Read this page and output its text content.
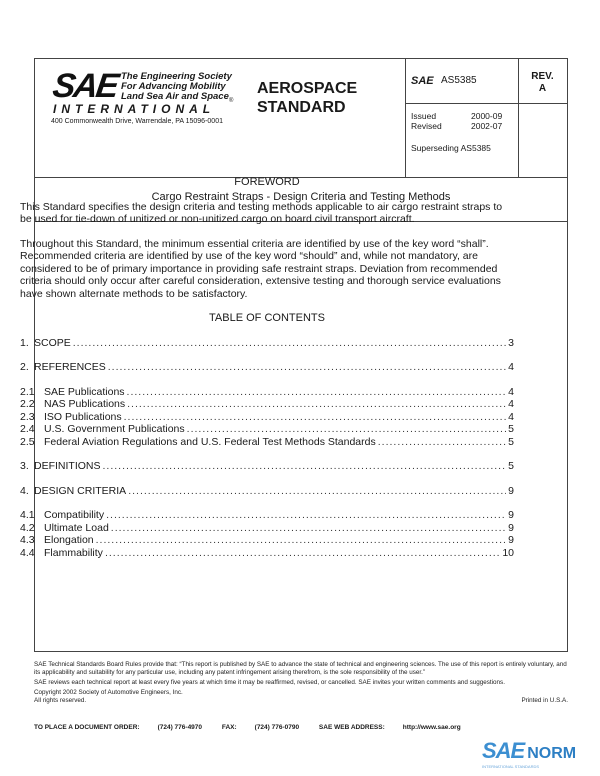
SAE The Engineering Society
For Advancing Mobility
Land Sea Air and Space$_®$
INTERNATIONAL
400 Commonwealth Drive, Warrendale, PA 15096-0001
AEROSPACE
STANDARD
SAE AS5385
Issued	2000-09
Revised	2002-07
Superseding AS5385
REV.
A
Cargo Restraint Straps - Design Criteria and Testing Methods
FOREWORD

This Standard specifies the design criteria and testing methods applicable to air cargo restraint straps to be used for tie-down of unitized or non-unitized cargo on board civil transport aircraft.

Throughout this Standard, the minimum essential criteria are identified by use of the key word “shall”. Recommended criteria are identified by use of the key word “should” and, while not mandatory, are considered to be of primary importance in providing safe restraint straps. Deviation from recommended criteria should only occur after careful consideration, extensive testing and thorough service evaluations have shown alternate methods to be satisfactory.

TABLE OF CONTENTS
1. SCOPE .....	3
2. REFERENCES .....	4
2.1 SAE Publications .....	4
2.2 NAS Publications .....	4
2.3 ISO Publications .....	4
2.4 U.S. Government Publications .....	5
2.5 Federal Aviation Regulations and U.S. Federal Test Methods Standards .....	5
3. DEFINITIONS .....	5
4. DESIGN CRITERIA .....	9
4.1 Compatibility .....	9
4.2 Ultimate Load .....	9
4.3 Elongation .....	9
4.4 Flammability .....	10

SAE Technical Standards Board Rules provide that: “This report is published by SAE to advance the state of technical and engineering sciences. The use of this report is entirely voluntary, and its applicability and suitability for any particular use, including any patent infringement arising therefrom, is the sole responsibility of the user.”

SAE reviews each technical report at least every five years at which time it may be reaffirmed, revised, or cancelled. SAE invites your written comments and suggestions.

Copyright 2002 Society of Automotive Engineers, Inc.

All rights reserved.	Printed in U.S.A.
TO PLACE A DOCUMENT ORDER:	(724) 776-4970	FAX:	(724) 776-0790	SAE WEB ADDRESS:	http://www.sae.org
SAE NORM
INTERNATIONAL STANDARDS
